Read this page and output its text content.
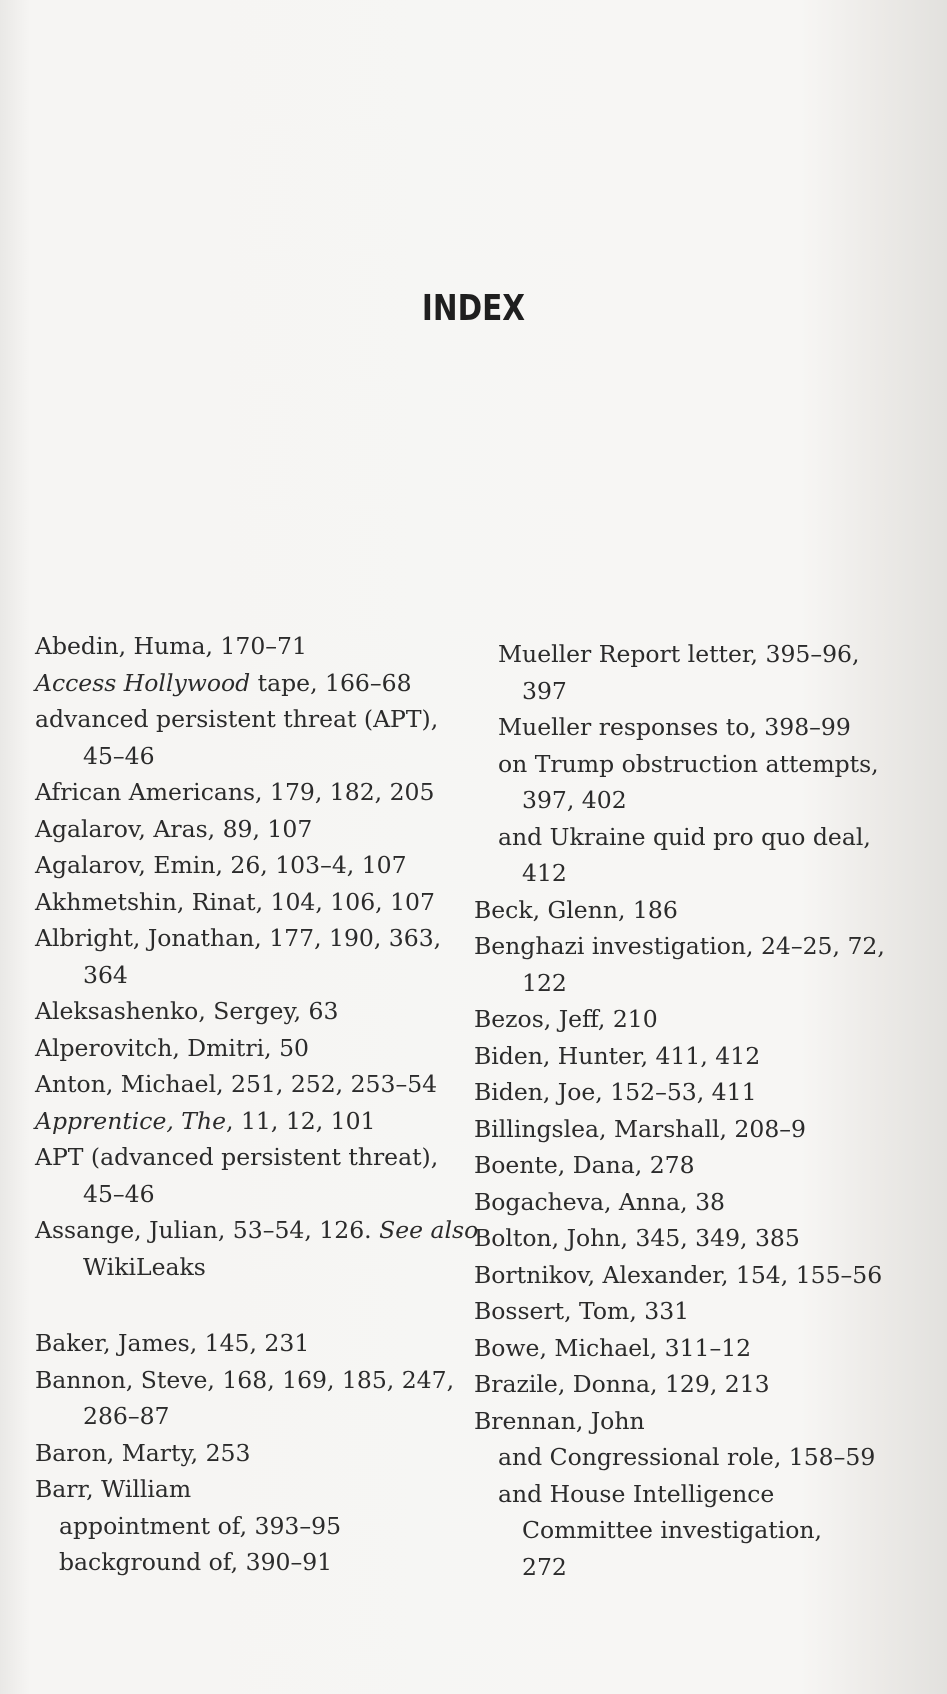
INDEX
Abedin, Huma, 170–71
Access Hollywood tape, 166–68
advanced persistent threat (APT),
45–46
African Americans, 179, 182, 205
Agalarov, Aras, 89, 107
Agalarov, Emin, 26, 103–4, 107
Akhmetshin, Rinat, 104, 106, 107
Albright, Jonathan, 177, 190, 363,
364
Aleksashenko, Sergey, 63
Alperovitch, Dmitri, 50
Anton, Michael, 251, 252, 253–54
Apprentice, The, 11, 12, 101
APT (advanced persistent threat),
45–46
Assange, Julian, 53–54, 126. See also
WikiLeaks
Baker, James, 145, 231
Bannon, Steve, 168, 169, 185, 247,
286–87
Baron, Marty, 253
Barr, William
appointment of, 393–95
background of, 390–91
Mueller Report letter, 395–96,
397
Mueller responses to, 398–99
on Trump obstruction attempts,
397, 402
and Ukraine quid pro quo deal,
412
Beck, Glenn, 186
Benghazi investigation, 24–25, 72,
122
Bezos, Jeff, 210
Biden, Hunter, 411, 412
Biden, Joe, 152–53, 411
Billingslea, Marshall, 208–9
Boente, Dana, 278
Bogacheva, Anna, 38
Bolton, John, 345, 349, 385
Bortnikov, Alexander, 154, 155–56
Bossert, Tom, 331
Bowe, Michael, 311–12
Brazile, Donna, 129, 213
Brennan, John
and Congressional role, 158–59
and House Intelligence
Committee investigation,
272
